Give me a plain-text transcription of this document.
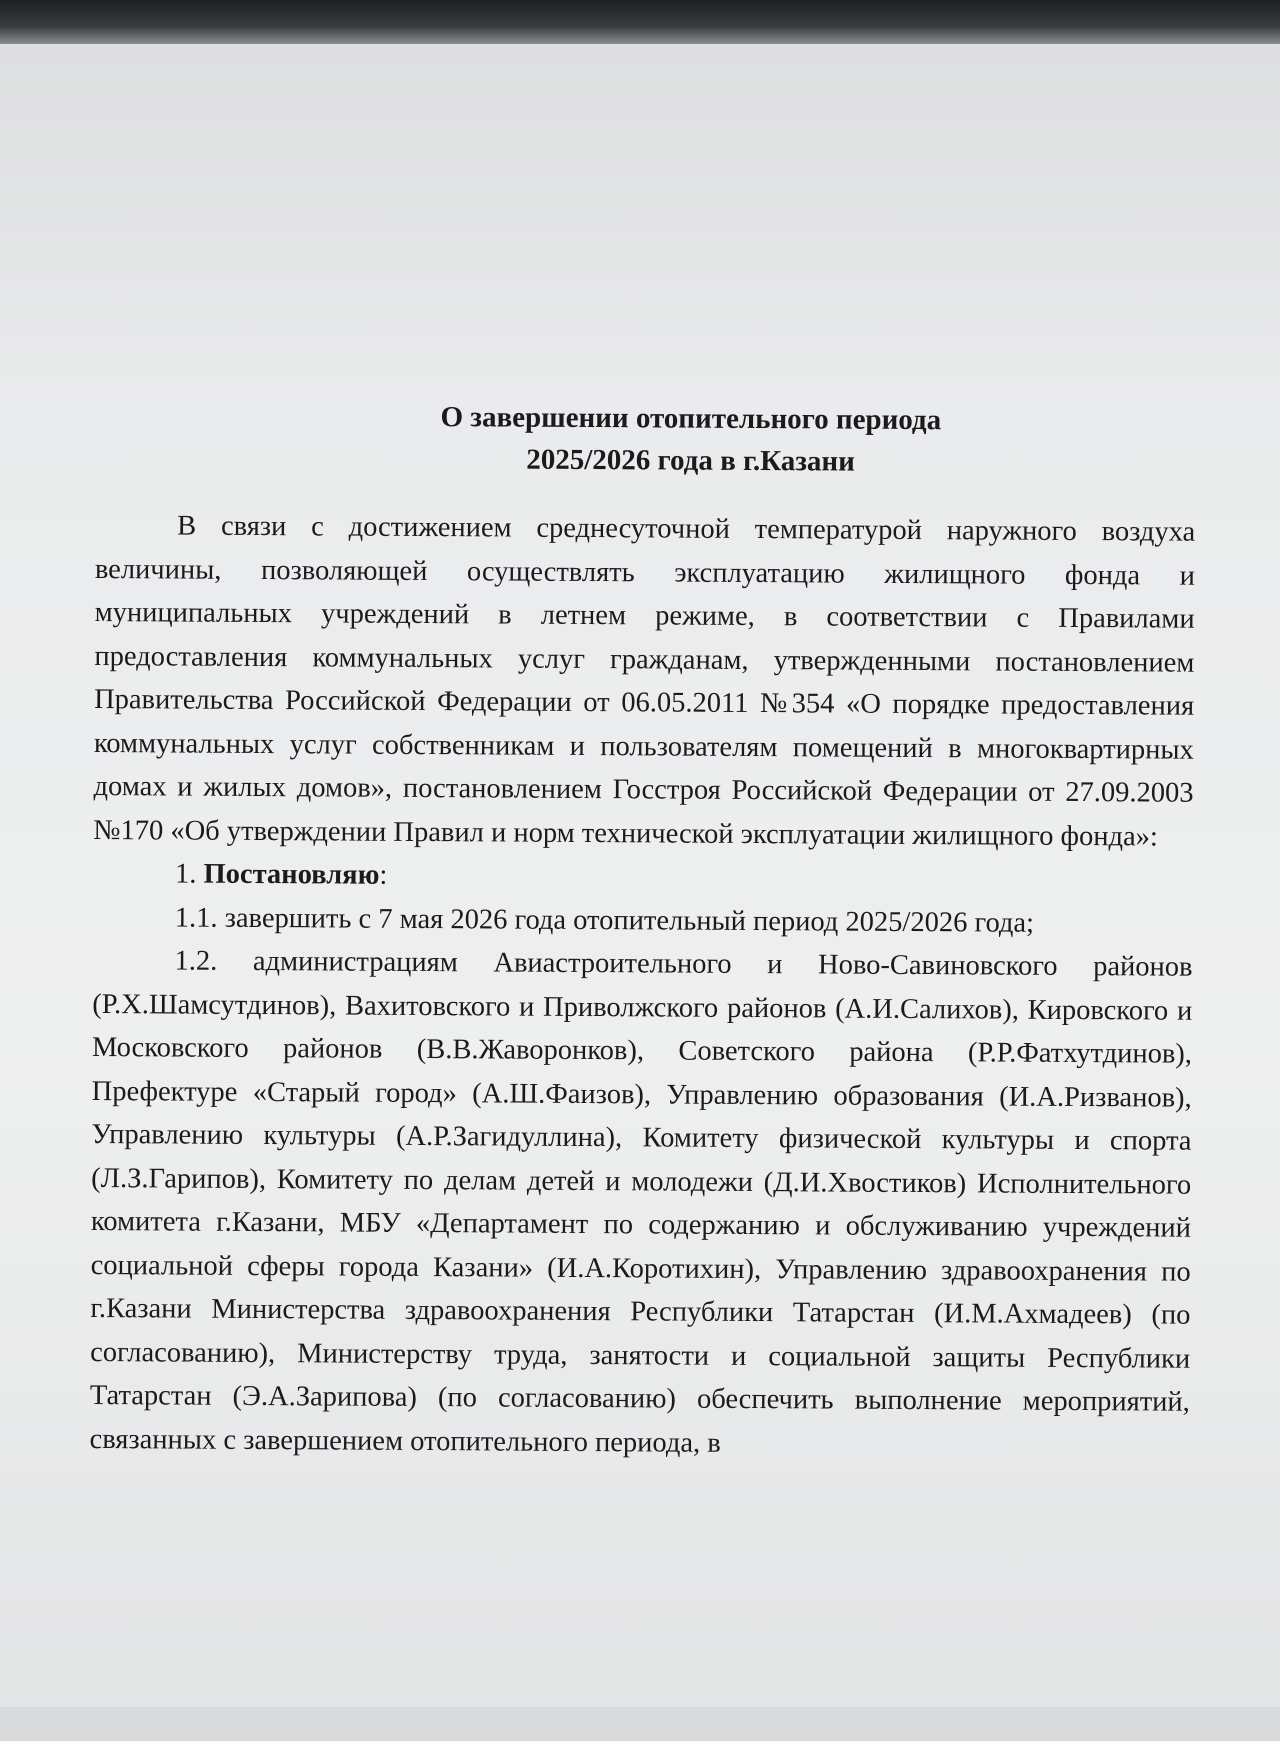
О завершении отопительного периода
2025/2026 года в г.Казани

В связи с достижением среднесуточной температурой наружного воздуха величины, позволяющей осуществлять эксплуатацию жилищного фонда и муниципальных учреждений в летнем режиме, в соответствии с Правилами предоставления коммунальных услуг гражданам, утвержденными постановлением Правительства Российской Федерации от 06.05.2011 №354 «О порядке предоставления коммунальных услуг собственникам и пользователям помещений в многоквартирных домах и жилых домов», постановлением Госстроя Российской Федерации от 27.09.2003 №170 «Об утверждении Правил и норм технической эксплуатации жилищного фонда»:

1. Постановляю:

1.1. завершить с 7 мая 2026 года отопительный период 2025/2026 года;

1.2. администрациям Авиастроительного и Ново-Савиновского районов (Р.Х.Шамсутдинов), Вахитовского и Приволжского районов (А.И.Салихов), Кировского и Московского районов (В.В.Жаворонков), Советского района (Р.Р.Фатхутдинов), Префектуре «Старый город» (А.Ш.Фаизов), Управлению образования (И.А.Ризванов), Управлению культуры (А.Р.Загидуллина), Комитету физической культуры и спорта (Л.З.Гарипов), Комитету по делам детей и молодежи (Д.И.Хвостиков) Исполнительного комитета г.Казани, МБУ «Департамент по содержанию и обслуживанию учреждений социальной сферы города Казани» (И.А.Коротихин), Управлению здравоохранения по г.Казани Министерства здравоохранения Республики Татарстан (И.М.Ахмадеев) (по согласованию), Министерству труда, занятости и социальной защиты Республики Татарстан (Э.А.Зарипова) (по согласованию) обеспечить выполнение мероприятий, связанных с завершением отопительного периода, в
